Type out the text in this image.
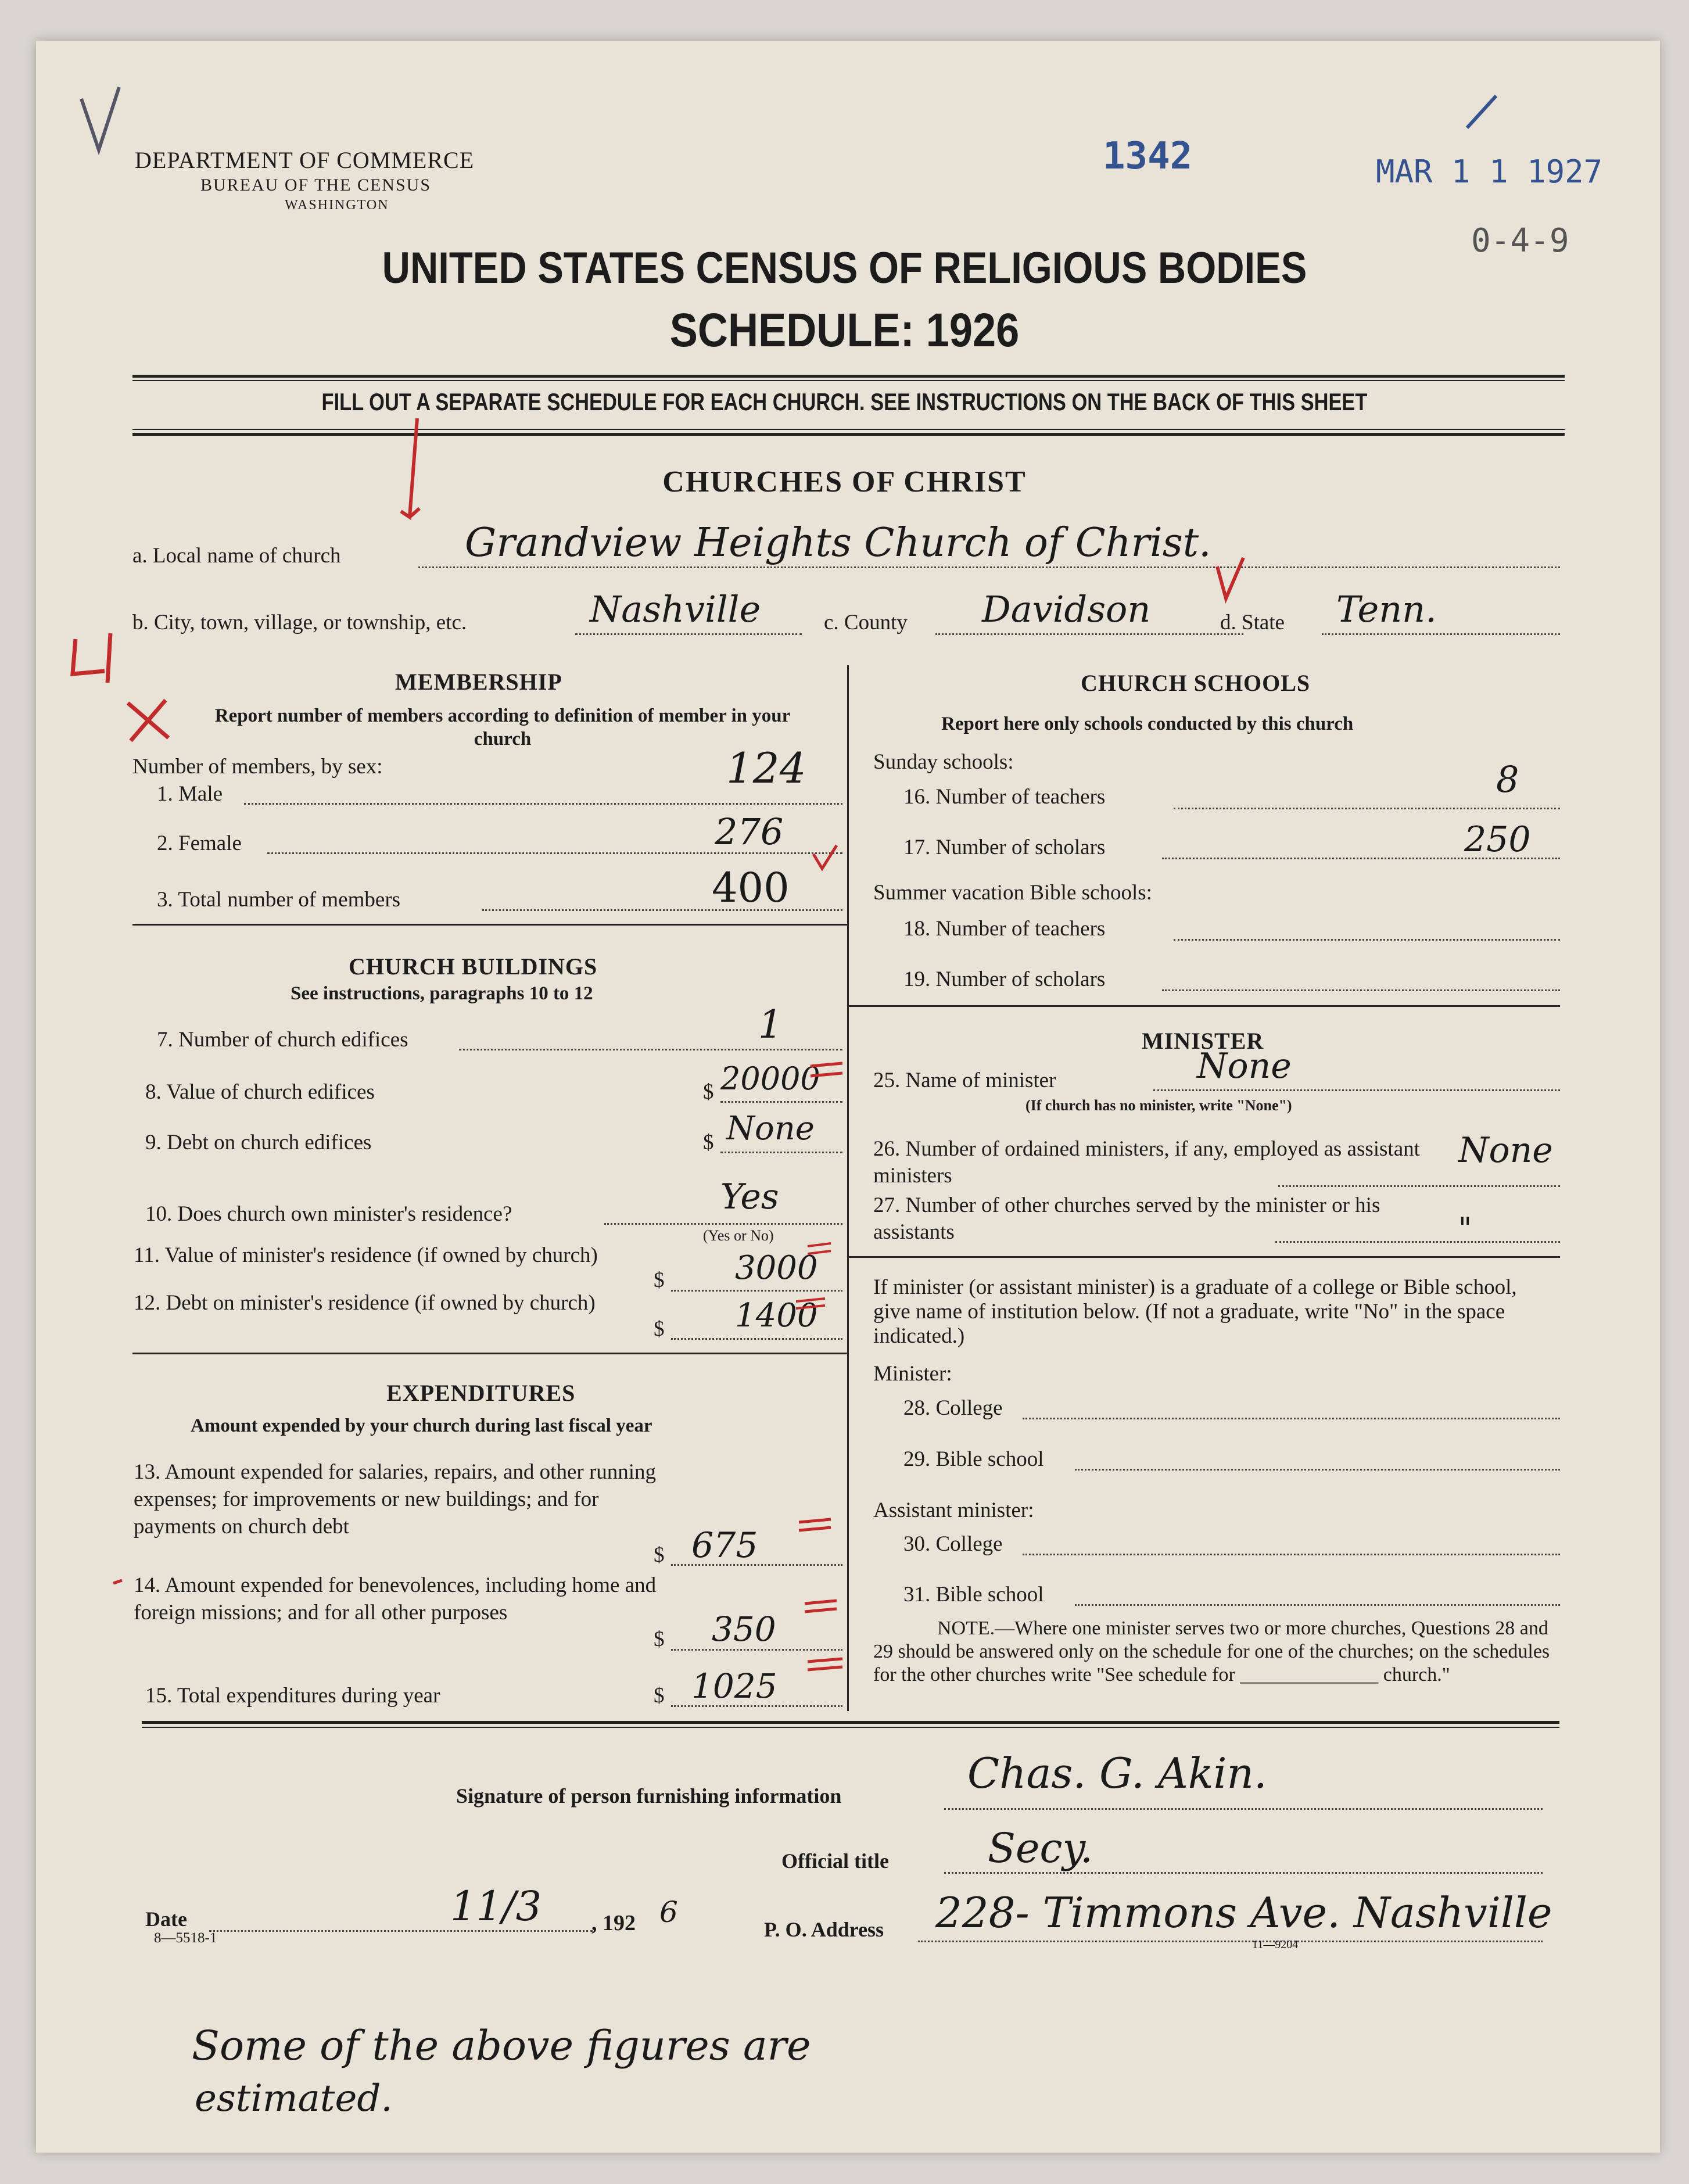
DEPARTMENT OF COMMERCE
BUREAU OF THE CENSUS
WASHINGTON
1342	MAR 1 1 1927
0-4-9
UNITED STATES CENSUS OF RELIGIOUS BODIES
SCHEDULE: 1926
FILL OUT A SEPARATE SCHEDULE FOR EACH CHURCH. SEE INSTRUCTIONS ON THE BACK OF THIS SHEET
CHURCHES OF CHRIST
a. Local name of church	Grandview Heights Church of Christ.
b. City, town, village, or township, etc.	Nashville	c. County Davidson	d. State Tenn.
MEMBERSHIP
Report number of members according to definition of member in your church
Number of members, by sex:
1. Male
124
2. Female	276
3. Total number of members	400
CHURCH BUILDINGS
See instructions, paragraphs 10 to 12
7. Number of church edifices	1
8. Value of church edifices	$ 20000
9. Debt on church edifices	$ None
10. Does church own minister's residence?	Yes
(Yes or No)
11. Value of minister's residence (if owned by church)
$ 3000
12. Debt on minister's residence (if owned by church)
$ 1400
EXPENDITURES
Amount expended by your church during last fiscal year
13. Amount expended for salaries, repairs, and other running expenses; for improvements or new buildings; and for payments on church debt
$ 675
14. Amount expended for benevolences, including home and foreign missions; and for all other purposes
$ 350
15. Total expenditures during year	$ 1025
CHURCH SCHOOLS
Report here only schools conducted by this church
Sunday schools:
16. Number of teachers	8
17. Number of scholars	250
Summer vacation Bible schools:
18. Number of teachers
19. Number of scholars
MINISTER
25. Name of minister	None
(If church has no minister, write "None")
26. Number of ordained ministers, if any, employed as assistant ministers
None
27. Number of other churches served by the minister or his assistants	"
If minister (or assistant minister) is a graduate of a college or Bible school, give name of institution below. (If not a graduate, write "No" in the space indicated.)
Minister:
28. College
29. Bible school
Assistant minister:
30. College
31. Bible school
NOTE.—Where one minister serves two or more churches, Questions 28 and 29 should be answered only on the schedule for one of the churches; on the schedules for the other churches write "See schedule for ______________ church."
Signature of person furnishing information	Chas. G. Akin.
Official title Secy.
Date	11/3 , 192 6
P. O. Address 228- Timmons Ave. Nashville
8—5518-1	11—9204
Some of the above figures are
estimated.
